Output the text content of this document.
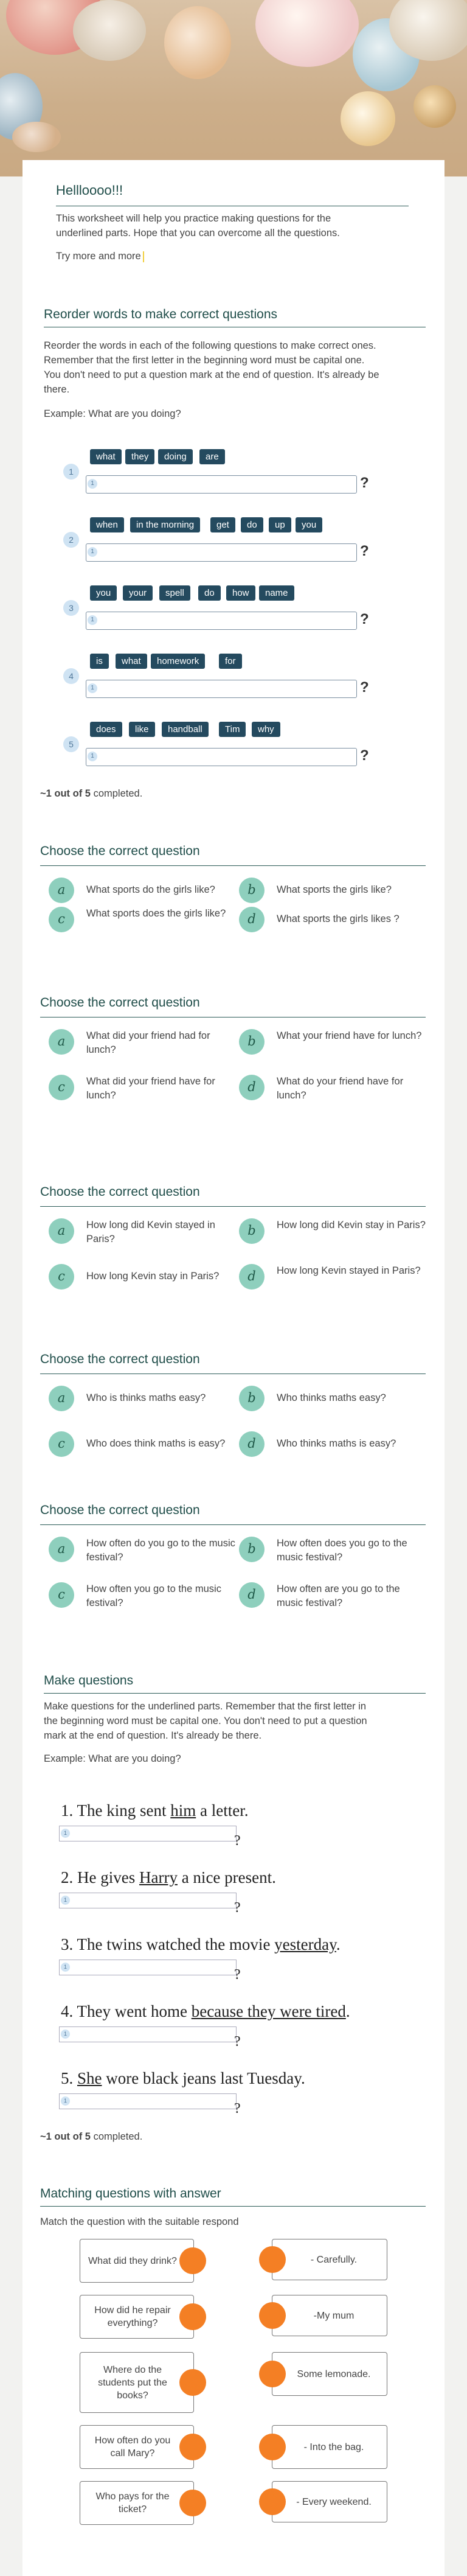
Hellloooo!!!
This worksheet will help you practice making questions for the
underlined parts. Hope that you can overcome all the questions.
Try more and more
Reorder words to make correct questions
Reorder the words in each of the following questions to make correct ones.
Remember that the first letter in the beginning word must be capital one.
You don't need to put a question mark at the end of question. It's already be
there.
Example: What are you doing?
what	they	doing	are
1
1	?
when	in the morning	get	do	up	you
2
1	?
you	your	spell	do	how	name
3
1	?
is	what	homework	for
4
1	?
does	like	handball	Tim	why
5
1	?
~1 out of 5 completed.
Choose the correct question
a	What sports do the girls like?	b	What sports the girls like?
c	What sports does the girls like?	d	What sports the girls likes ?
Choose the correct question
a	What did your friend had for lunch?
b	What your friend have for lunch?
c	What did your friend have for lunch?
d	What do your friend have for lunch?
Choose the correct question
a	How long did Kevin stayed in Paris?
b	How long did Kevin stay in Paris?
c	How long Kevin stay in Paris?	d	How long Kevin stayed in Paris?
Choose the correct question
a	Who is thinks maths easy?	b	Who thinks maths easy?
c	Who does think maths is easy?	d	Who thinks maths is easy?
Choose the correct question
a	How often do you go to the music festival?
b	How often does you go to the music festival?
c	How often you go to the music festival?
d	How often are you go to the music festival?
Make questions
Make questions for the underlined parts. Remember that the first letter in
the beginning word must be capital one. You don't need to put a question
mark at the end of question. It's already be there.
Example: What are you doing?
1. The king sent him a letter.
1	?
2. He gives Harry a nice present.
1	?
3. The twins watched the movie yesterday.
1	?
4. They went home because they were tired.
1	?
5. She wore black jeans last Tuesday.
1	?
~1 out of 5 completed.
Matching questions with answer
Match the question with the suitable respond
What did they drink?
How did he repair everything?
Where do the students put the books?
How often do you call Mary?
Who pays for the ticket?
- Carefully.
-My mum
Some lemonade.
- Into the bag.
- Every weekend.
